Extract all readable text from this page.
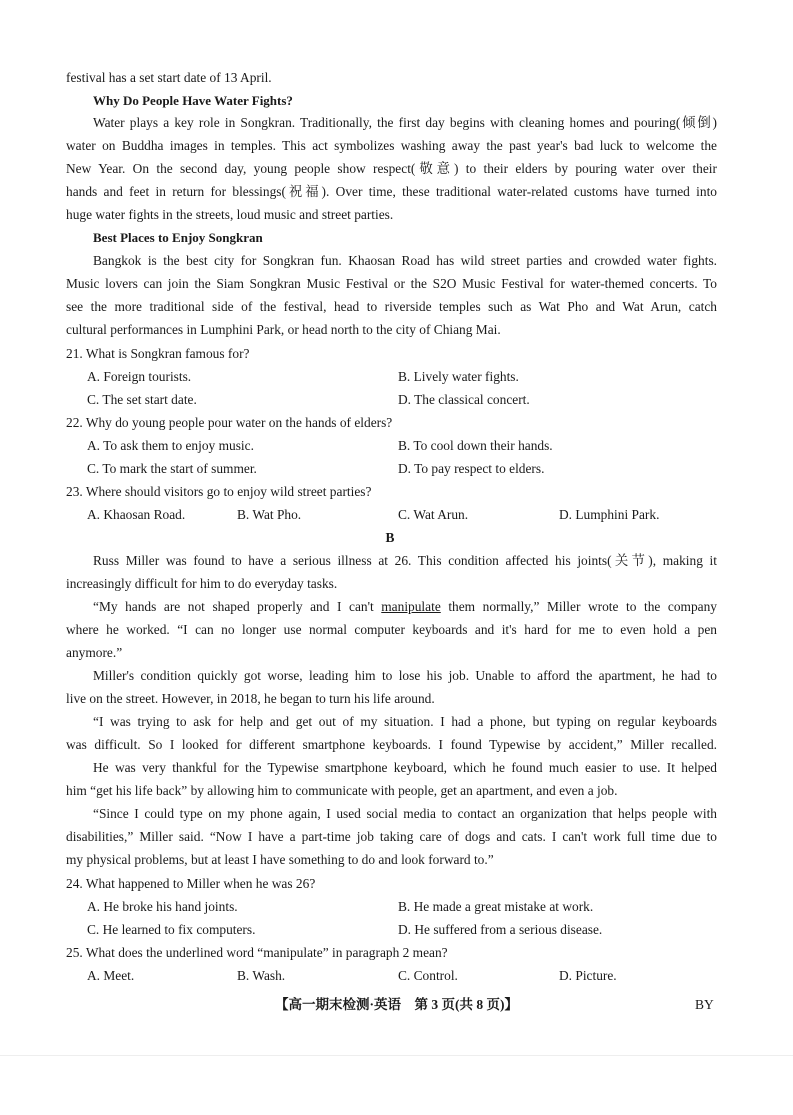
festival has a set start date of 13 April.
Why Do People Have Water Fights?
Water plays a key role in Songkran. Traditionally, the first day begins with cleaning homes and pouring(倾倒)
water on Buddha images in temples. This act symbolizes washing away the past year's bad luck to welcome the
New Year. On the second day, young people show respect(敬意) to their elders by pouring water over their
hands and feet in return for blessings(祝福). Over time, these traditional water-related customs have turned into
huge water fights in the streets, loud music and street parties.
Best Places to Enjoy Songkran
Bangkok is the best city for Songkran fun. Khaosan Road has wild street parties and crowded water fights.
Music lovers can join the Siam Songkran Music Festival or the S2O Music Festival for water-themed concerts. To
see the more traditional side of the festival, head to riverside temples such as Wat Pho and Wat Arun, catch
cultural performances in Lumphini Park, or head north to the city of Chiang Mai.
21. What is Songkran famous for?
A. Foreign tourists.	B. Lively water fights.
C. The set start date.	D. The classical concert.
22. Why do young people pour water on the hands of elders?
A. To ask them to enjoy music.	B. To cool down their hands.
C. To mark the start of summer.	D. To pay respect to elders.
23. Where should visitors go to enjoy wild street parties?
A. Khaosan Road.	B. Wat Pho.	C. Wat Arun.	D. Lumphini Park.
B
Russ Miller was found to have a serious illness at 26. This condition affected his joints(关节), making it
increasingly difficult for him to do everyday tasks.
“My hands are not shaped properly and I can't manipulate them normally,” Miller wrote to the company
where he worked. “I can no longer use normal computer keyboards and it's hard for me to even hold a pen
anymore.”
Miller's condition quickly got worse, leading him to lose his job. Unable to afford the apartment, he had to
live on the street. However, in 2018, he began to turn his life around.
“I was trying to ask for help and get out of my situation. I had a phone, but typing on regular keyboards
was difficult. So I looked for different smartphone keyboards. I found Typewise by accident,” Miller recalled.
He was very thankful for the Typewise smartphone keyboard, which he found much easier to use. It helped
him “get his life back” by allowing him to communicate with people, get an apartment, and even a job.
“Since I could type on my phone again, I used social media to contact an organization that helps people with
disabilities,” Miller said. “Now I have a part-time job taking care of dogs and cats. I can't work full time due to
my physical problems, but at least I have something to do and look forward to.”
24. What happened to Miller when he was 26?
A. He broke his hand joints.	B. He made a great mistake at work.
C. He learned to fix computers.	D. He suffered from a serious disease.
25. What does the underlined word “manipulate” in paragraph 2 mean?
A. Meet.	B. Wash.	C. Control.	D. Picture.
【高一期末检测·英语　第 3 页(共 8 页)】	BY
